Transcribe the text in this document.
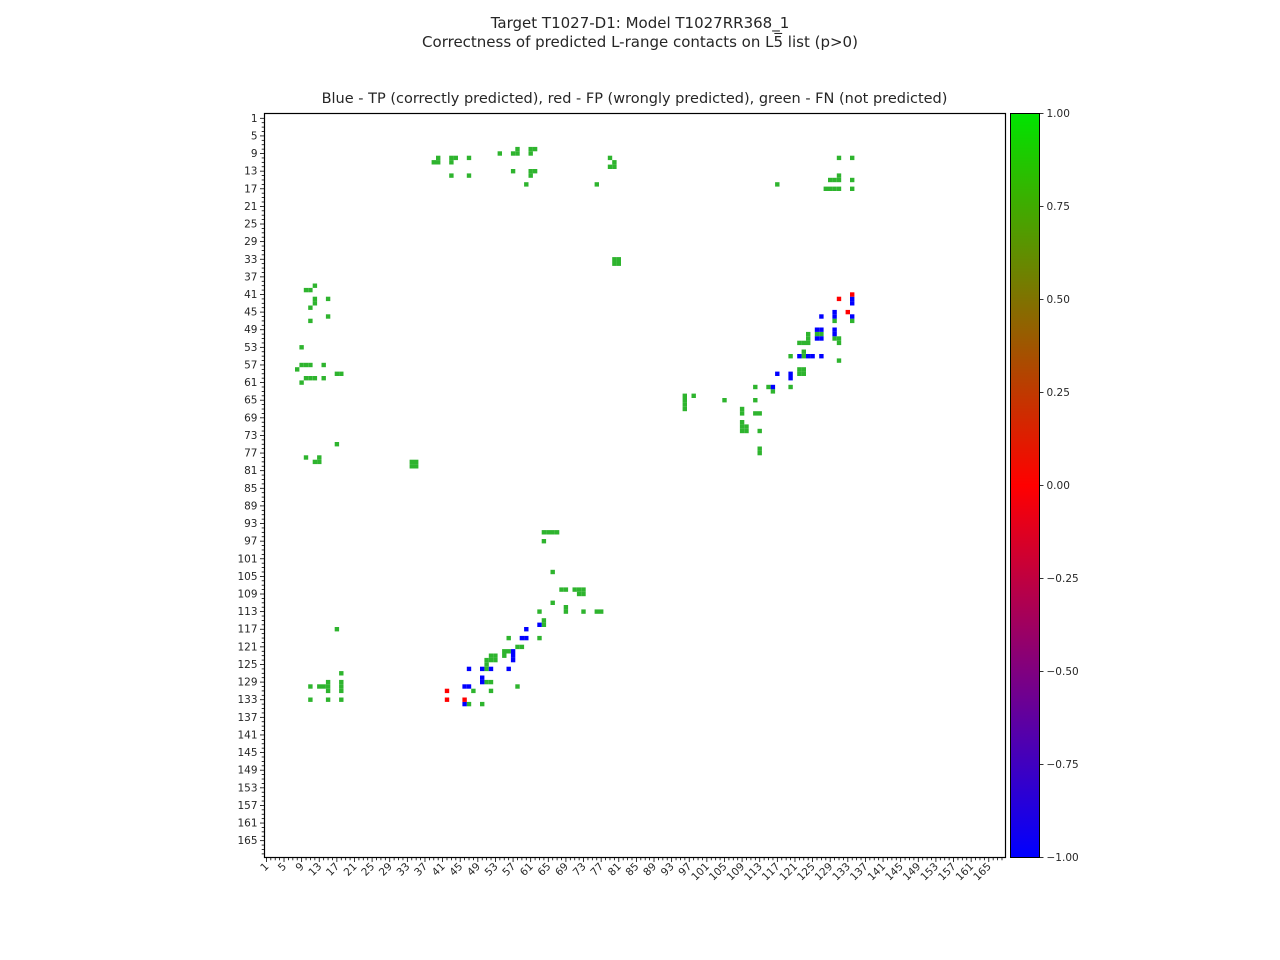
Target T1027-D1: Model T1027RR368_1
Correctness of predicted L-range contacts on L5̅ list (p>0)
Blue - TP (correctly predicted), red - FP (wrongly predicted), green - FN (not predicted)
1 5 9 13 17 21 25 29 33 37 41 45 49 53 57 61 65 69 73 77 81 85 89 93 97
101
105
109
113
117
121
125
129
133
137
141
145
149
153
157
161
165
1
5
9
13
17
21
25
29
33
37
41
45
49
53
57
61
65
69
73
77
81
85
89
93
97
101
105
109
113
117
121
125
129
133
137
141
145
149
153
157
161
165
1.00
0.75
0.50
0.25
0.00
−0.25
−0.50
−0.75
−1.00
